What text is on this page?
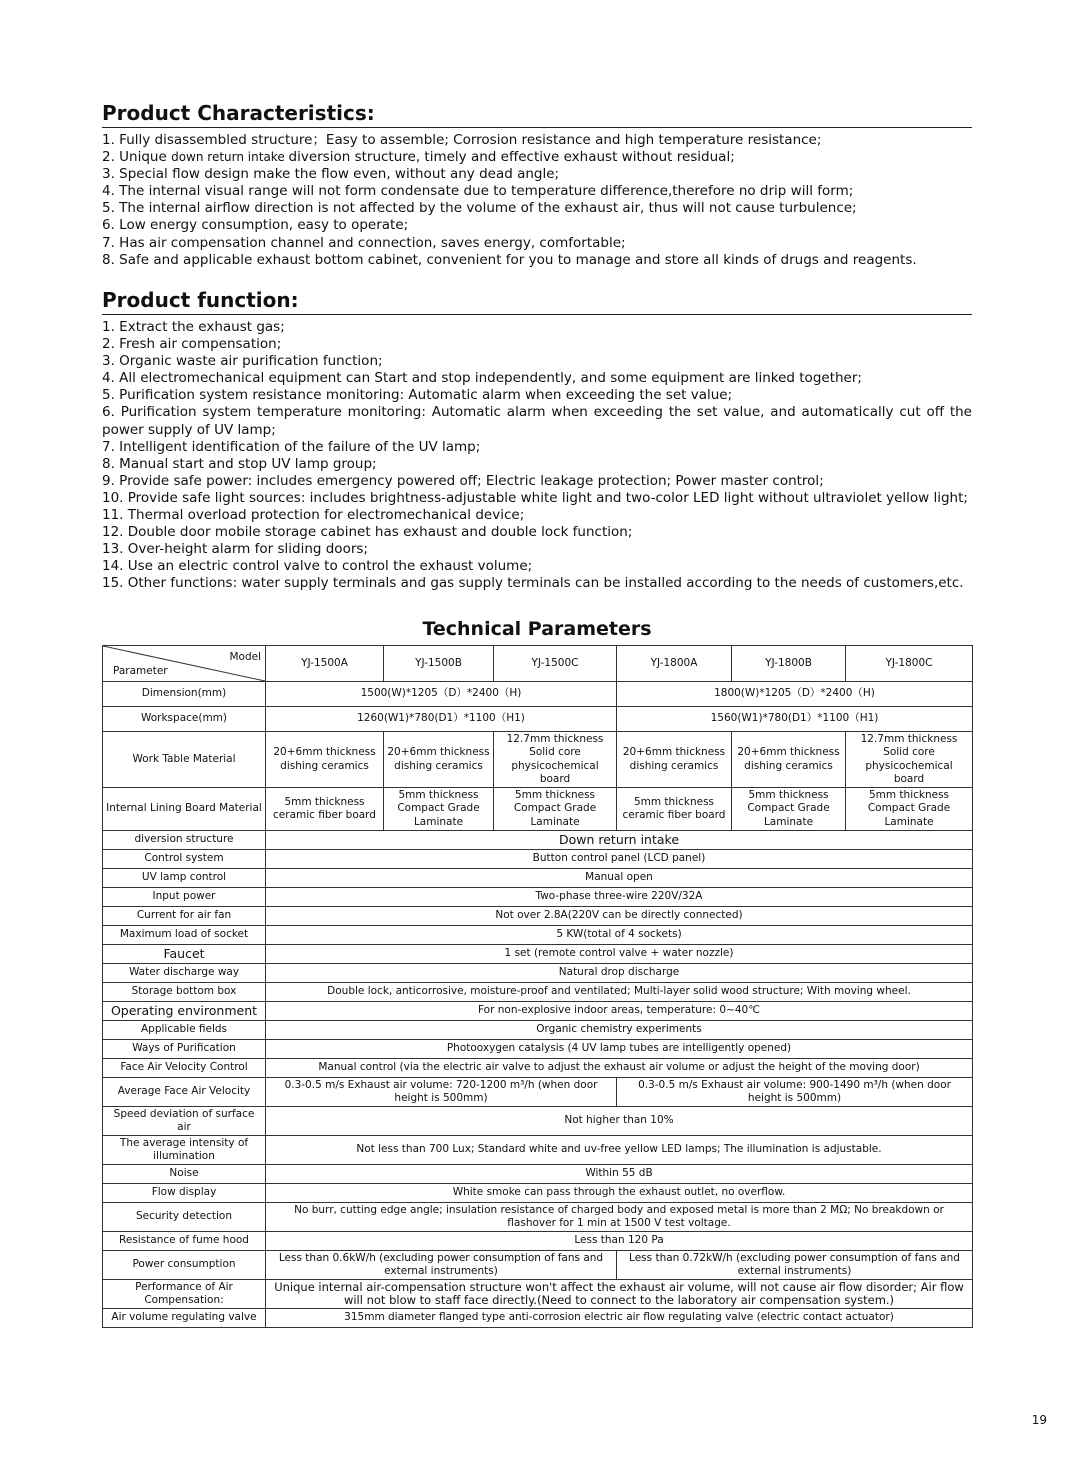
Product Characteristics:
1. Fully disassembled structure；Easy to assemble; Corrosion resistance and high temperature resistance;
2. Unique down return intake diversion structure, timely and effective exhaust without residual;
3. Special flow design make the flow even, without any dead angle;
4. The internal visual range will not form condensate due to temperature difference,therefore no drip will form;
5. The internal airflow direction is not affected by the volume of the exhaust air, thus will not cause turbulence;
6. Low energy consumption, easy to operate;
7. Has air compensation channel and connection, saves energy, comfortable;
8. Safe and applicable exhaust bottom cabinet, convenient for you to manage and store all kinds of drugs and reagents.
Product function:
1. Extract the exhaust gas;
2. Fresh air compensation;
3. Organic waste air purification function;
4. All electromechanical equipment can Start and stop independently, and some equipment are linked together;
5. Purification system resistance monitoring: Automatic alarm when exceeding the set value;
6. Purification system temperature monitoring: Automatic alarm when exceeding the set value, and automatically cut off the power supply of UV lamp;
7. Intelligent identification of the failure of the UV lamp;
8. Manual start and stop UV lamp group;
9. Provide safe power: includes emergency powered off; Electric leakage protection; Power master control;
10. Provide safe light sources: includes brightness-adjustable white light and two-color LED light without ultraviolet yellow light;
11. Thermal overload protection for electromechanical device;
12. Double door mobile storage cabinet has exhaust and double lock function;
13. Over-height alarm for sliding doors;
14. Use an electric control valve to control the exhaust volume;
15. Other functions: water supply terminals and gas supply terminals can be installed according to the needs of customers,etc.
Technical Parameters
Model
Parameter	YJ-1500A	YJ-1500B	YJ-1500C	YJ-1800A	YJ-1800B	YJ-1800C
Dimension(mm)	1500(W)*1205（D）*2400（H)			1800(W)*1205（D）*2400（H)		
Workspace(mm)	1260(W1)*780(D1）*1100（H1)			1560(W1)*780(D1）*1100（H1)		
Work Table Material	20+6mm thickness dishing ceramics	20+6mm thickness dishing ceramics	12.7mm thickness Solid core physicochemical board	20+6mm thickness dishing ceramics	20+6mm thickness dishing ceramics	12.7mm thickness Solid core physicochemical board
Internal Lining Board Material	5mm thickness ceramic fiber board	5mm thickness Compact Grade Laminate	5mm thickness Compact Grade Laminate	5mm thickness ceramic fiber board	5mm thickness Compact Grade Laminate	5mm thickness Compact Grade Laminate
diversion structure	Down return intake					
Control system	Button control panel (LCD panel)					
UV lamp control	Manual open					
Input power	Two-phase three-wire 220V/32A					
Current for air fan	Not over 2.8A(220V can be directly connected)					
Maximum load of socket	5 KW(total of 4 sockets)					
Faucet	1 set (remote control valve + water nozzle)					
Water discharge way	Natural drop discharge					
Storage bottom box	Double lock, anticorrosive, moisture-proof and ventilated; Multi-layer solid wood structure; With moving wheel.					
Operating environment	For non-explosive indoor areas, temperature: 0~40℃					
Applicable fields	Organic chemistry experiments					
Ways of Purification	Photooxygen catalysis (4 UV lamp tubes are intelligently opened)					
Face Air Velocity Control	Manual control (via the electric air valve to adjust the exhaust air volume or adjust the height of the moving door)					
Average Face Air Velocity	0.3-0.5 m/s Exhaust air volume: 720-1200 m³/h (when door height is 500mm)			0.3-0.5 m/s Exhaust air volume: 900-1490 m³/h (when door height is 500mm)		
Speed deviation of surface air	Not higher than 10%					
The average intensity of illumination	Not less than 700 Lux; Standard white and uv-free yellow LED lamps; The illumination is adjustable.					
Noise	Within 55 dB					
Flow display	White smoke can pass through the exhaust outlet, no overflow.					
Security detection	No burr, cutting edge angle; insulation resistance of charged body and exposed metal is more than 2 MΩ; No breakdown or flashover for 1 min at 1500 V test voltage.					
Resistance of fume hood	Less than 120 Pa					
Power consumption	Less than 0.6kW/h (excluding power consumption of fans and external instruments)			Less than 0.72kW/h (excluding power consumption of fans and external instruments)		
Performance of Air Compensation:	Unique internal air-compensation structure won't affect the exhaust air volume, will not cause air flow disorder; Air flow will not blow to staff face directly.(Need to connect to the laboratory air compensation system.)					
Air volume regulating valve	315mm diameter flanged type anti-corrosion electric air flow regulating valve (electric contact actuator)					
19
